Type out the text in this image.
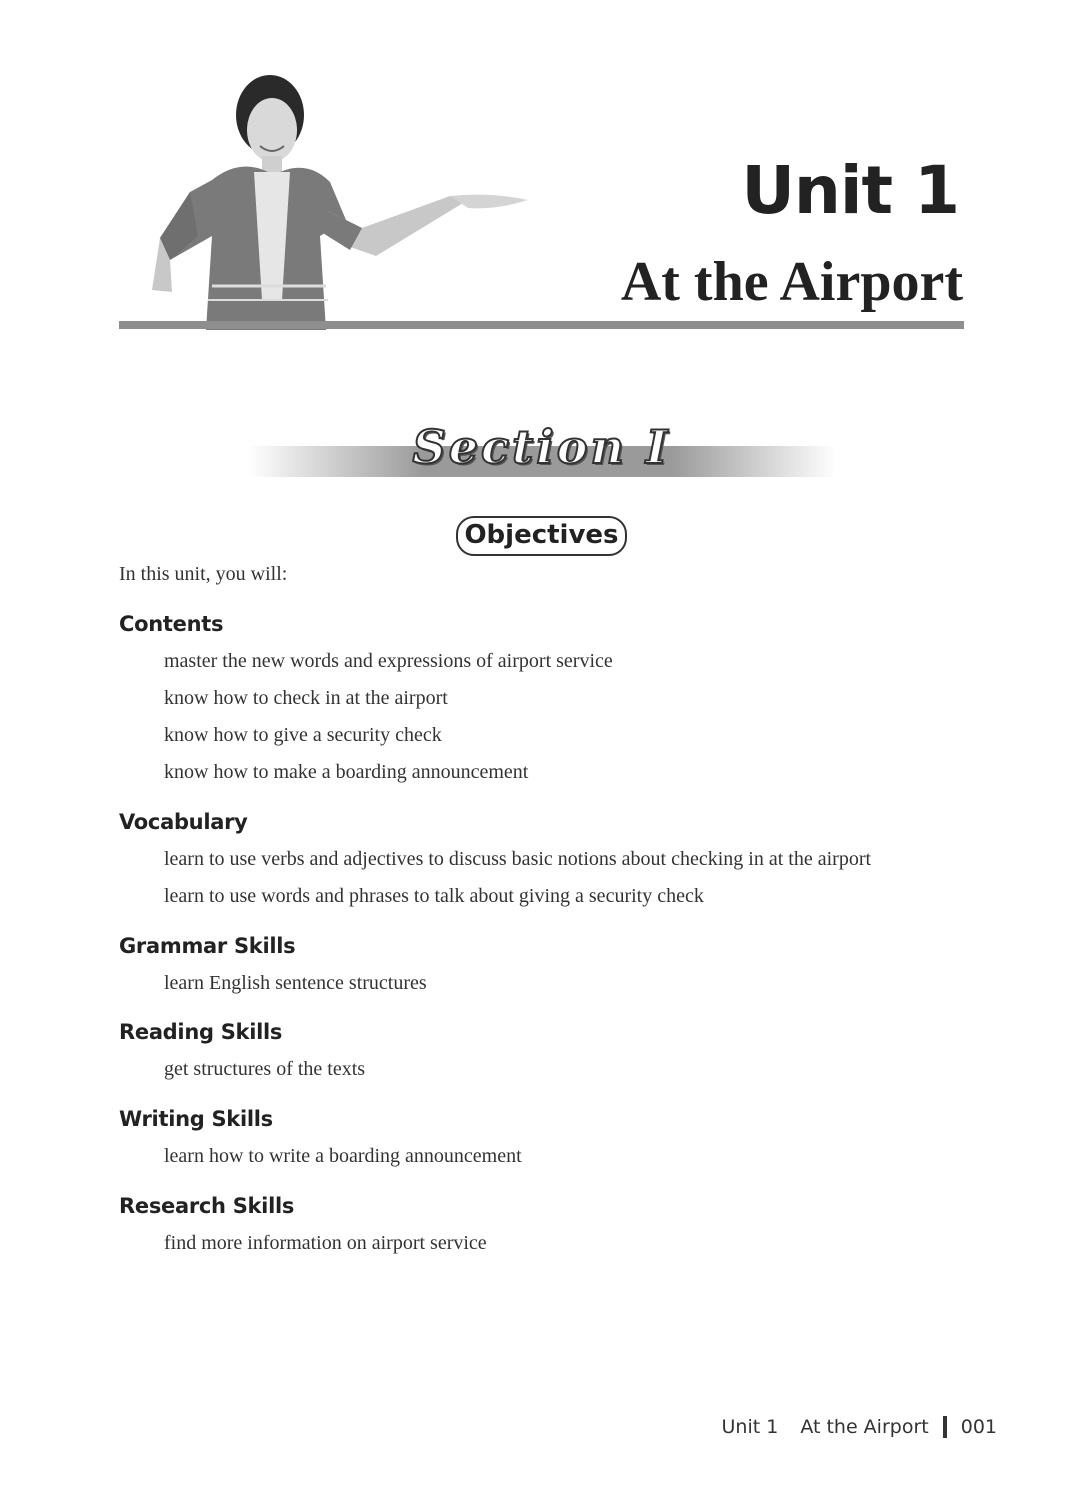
Unit 1
At the Airport
Section I
Objectives

In this unit, you will:

Contents

master the new words and expressions of airport service

know how to check in at the airport

know how to give a security check

know how to make a boarding announcement

Vocabulary

learn to use verbs and adjectives to discuss basic notions about checking in at the airport

learn to use words and phrases to talk about giving a security check

Grammar Skills

learn English sentence structures

Reading Skills

get structures of the texts

Writing Skills

learn how to write a boarding announcement

Research Skills

find more information on airport service

Unit 1 At the Airport 001
